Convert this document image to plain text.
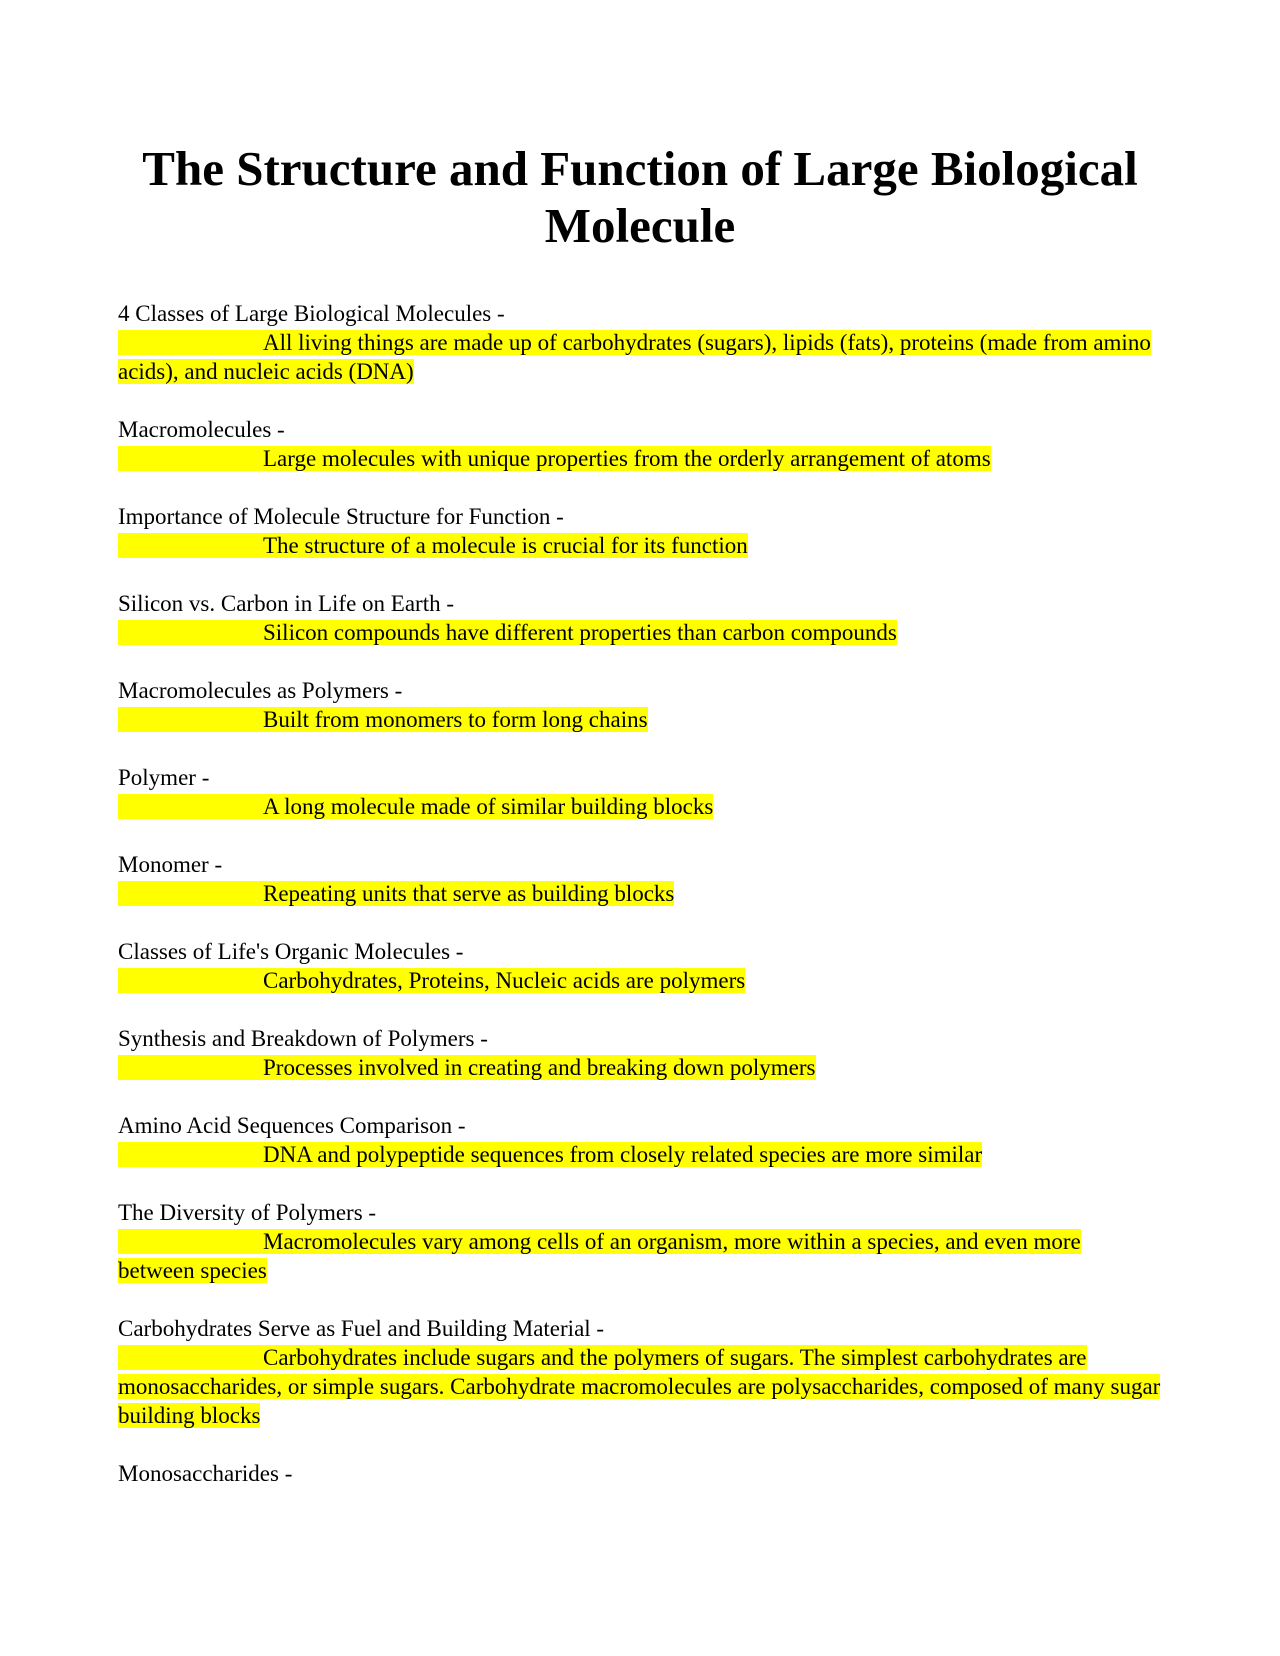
The Structure and Function of Large Biological Molecule

4 Classes of Large Biological Molecules -

All living things are made up of carbohydrates (sugars), lipids (fats), proteins (made from amino acids), and nucleic acids (DNA)

Macromolecules -

Large molecules with unique properties from the orderly arrangement of atoms

Importance of Molecule Structure for Function -

The structure of a molecule is crucial for its function

Silicon vs. Carbon in Life on Earth -

Silicon compounds have different properties than carbon compounds

Macromolecules as Polymers -

Built from monomers to form long chains

Polymer -

A long molecule made of similar building blocks

Monomer -

Repeating units that serve as building blocks

Classes of Life's Organic Molecules -

Carbohydrates, Proteins, Nucleic acids are polymers

Synthesis and Breakdown of Polymers -

Processes involved in creating and breaking down polymers

Amino Acid Sequences Comparison -

DNA and polypeptide sequences from closely related species are more similar

The Diversity of Polymers -

Macromolecules vary among cells of an organism, more within a species, and even more between species

Carbohydrates Serve as Fuel and Building Material -

Carbohydrates include sugars and the polymers of sugars. The simplest carbohydrates are monosaccharides, or simple sugars. Carbohydrate macromolecules are polysaccharides, composed of many sugar building blocks

Monosaccharides -
